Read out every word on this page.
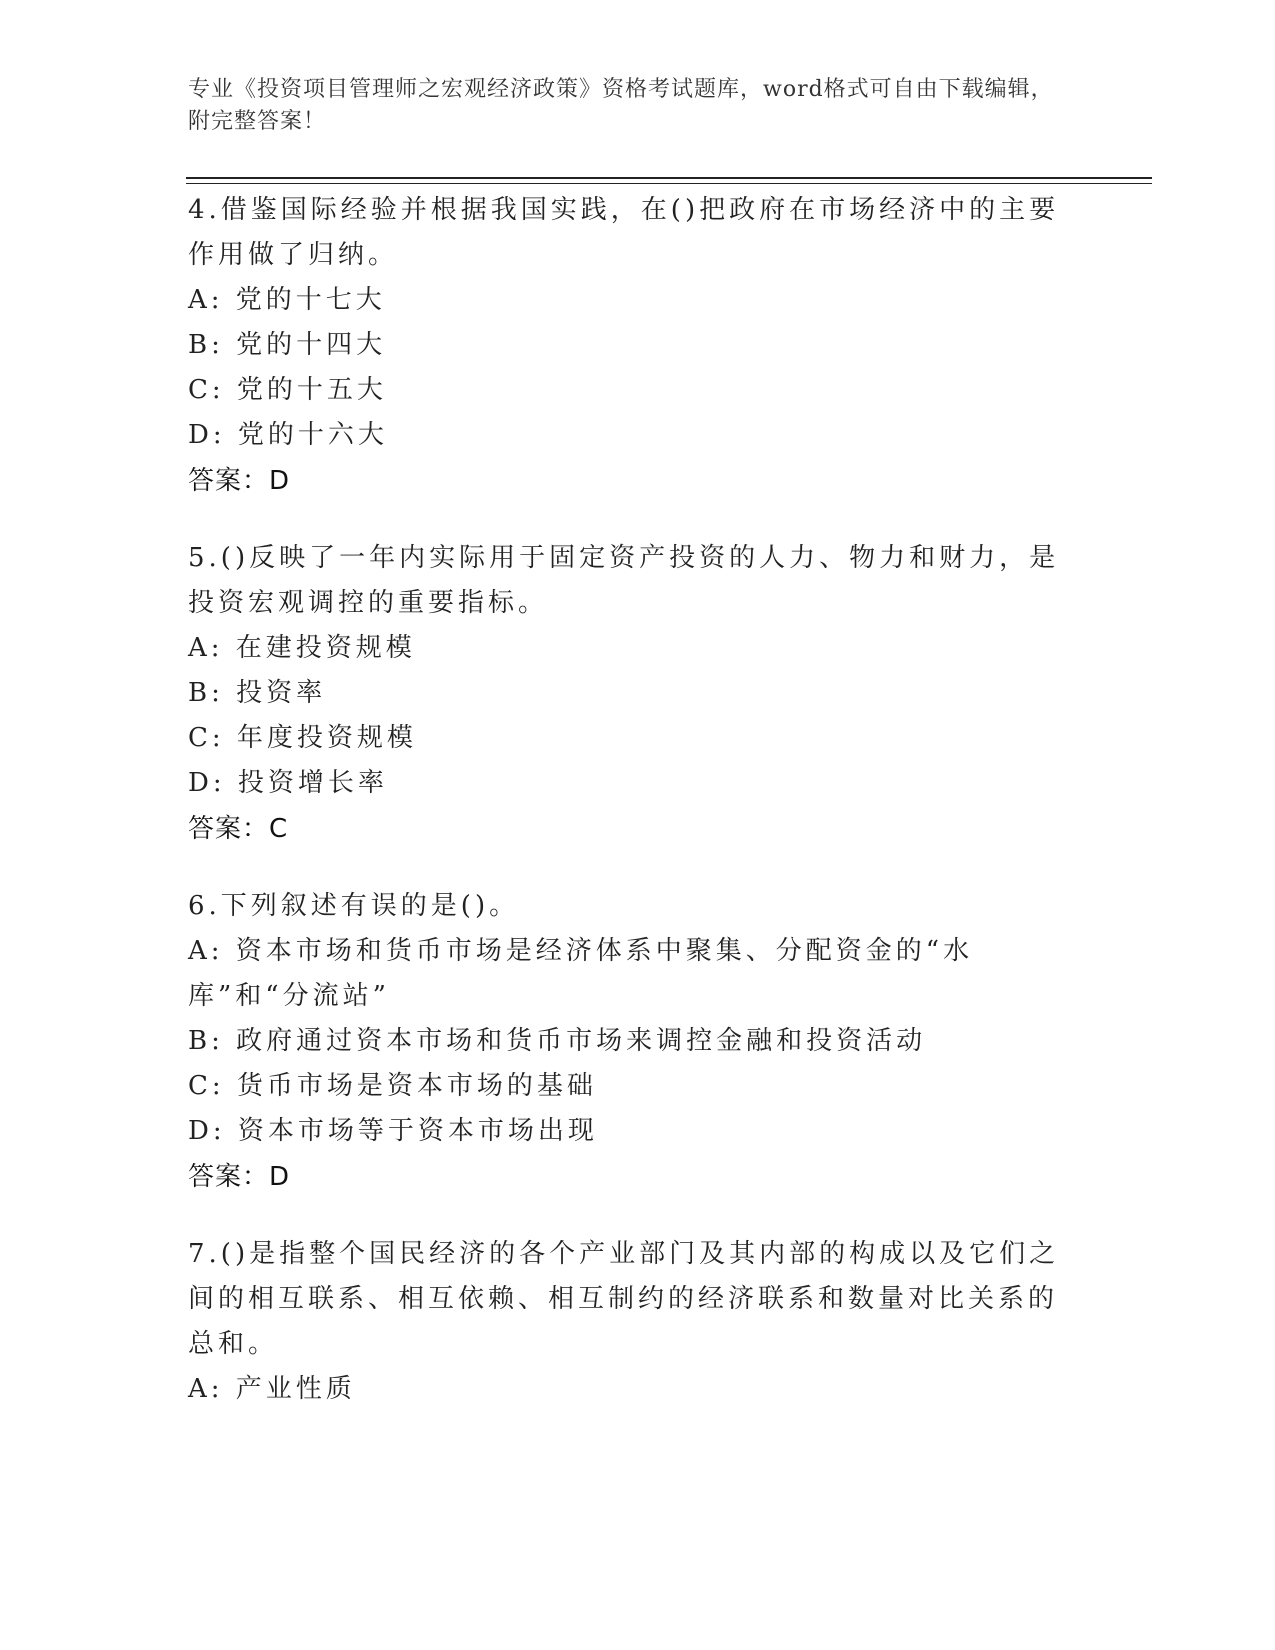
专业《投资项目管理师之宏观经济政策》资格考试题库，word格式可自由下载编辑，附完整答案！
4.借鉴国际经验并根据我国实践，在()把政府在市场经济中的主要作用做了归纳。
A: 党的十七大
B: 党的十四大
C: 党的十五大
D: 党的十六大
答案：D
5.()反映了一年内实际用于固定资产投资的人力、物力和财力，是投资宏观调控的重要指标。
A: 在建投资规模
B: 投资率
C: 年度投资规模
D: 投资增长率
答案：C
6.下列叙述有误的是()。
A: 资本市场和货币市场是经济体系中聚集、分配资金的“水库”和“分流站”
B: 政府通过资本市场和货币市场来调控金融和投资活动
C: 货币市场是资本市场的基础
D: 资本市场等于资本市场出现
答案：D
7.()是指整个国民经济的各个产业部门及其内部的构成以及它们之间的相互联系、相互依赖、相互制约的经济联系和数量对比关系的总和。
A: 产业性质
